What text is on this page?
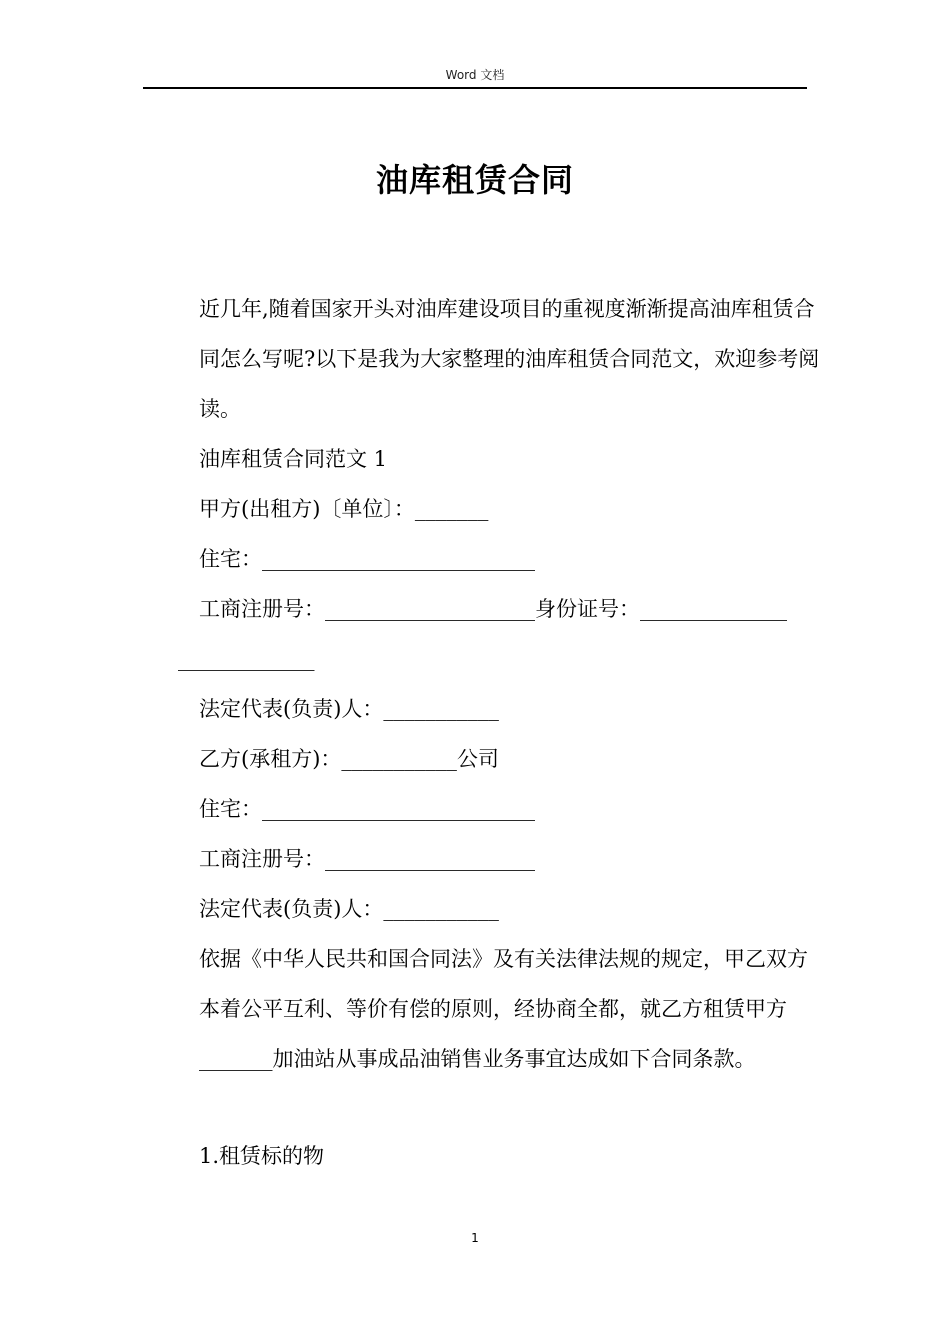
Word 文档
油库租赁合同
近几年,随着国家开头对油库建设项目的重视度渐渐提高油库租赁合同怎么写呢?以下是我为大家整理的油库租赁合同范文，欢迎参考阅读。
油库租赁合同范文 1
甲方(出租方)〔单位〕：_______
住宅：__________________________
工商注册号：____________________身份证号：______________
_____________
法定代表(负责)人：___________
乙方(承租方)：___________公司
住宅：__________________________
工商注册号：____________________
法定代表(负责)人：___________
依据《中华人民共和国合同法》及有关法律法规的规定，甲乙双方本着公平互利、等价有偿的原则，经协商全都，就乙方租赁甲方_______加油站从事成品油销售业务事宜达成如下合同条款。
1.租赁标的物
1
